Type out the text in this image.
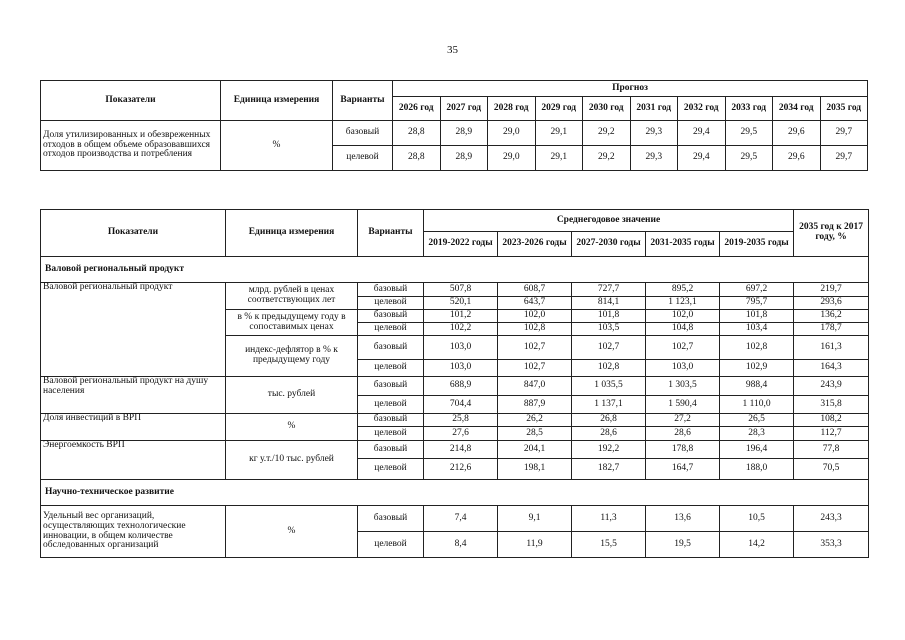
35
Показатели	Единица измерения	Варианты	Прогноз									
			2026 год	2027 год	2028 год	2029 год	2030 год	2031 год	2032 год	2033 год	2034 год	2035 год
Доля утилизированных и обезвреженных отходов в общем объеме образовавшихся отходов производства и потребления	%	базовый	28,8	28,9	29,0	29,1	29,2	29,3	29,4	29,5	29,6	29,7
		целевой	28,8	28,9	29,0	29,1	29,2	29,3	29,4	29,5	29,6	29,7
Показатели	Единица измерения	Варианты	Среднегодовое значение					2035 год к 2017 году, %
			2019-2022 годы	2023-2026 годы	2027-2030 годы	2031-2035 годы	2019-2035 годы	
Валовой региональный продукт								
Валовой региональный продукт	млрд. рублей в ценах соответствующих лет	базовый	507,8	608,7	727,7	895,2	697,2	219,7
		целевой	520,1	643,7	814,1	1 123,1	795,7	293,6
	в % к предыдущему году в сопоставимых ценах	базовый	101,2	102,0	101,8	102,0	101,8	136,2
		целевой	102,2	102,8	103,5	104,8	103,4	178,7
	индекс-дефлятор в % к предыдущему году	базовый	103,0	102,7	102,7	102,7	102,8	161,3
		целевой	103,0	102,7	102,8	103,0	102,9	164,3
Валовой региональный продукт на душу населения	тыс. рублей	базовый	688,9	847,0	1 035,5	1 303,5	988,4	243,9
		целевой	704,4	887,9	1 137,1	1 590,4	1 110,0	315,8
Доля инвестиций в ВРП	%	базовый	25,8	26,2	26,8	27,2	26,5	108,2
		целевой	27,6	28,5	28,6	28,6	28,3	112,7
Энергоемкость ВРП	кг у.т./10 тыс. рублей	базовый	214,8	204,1	192,2	178,8	196,4	77,8
		целевой	212,6	198,1	182,7	164,7	188,0	70,5
Научно-техническое развитие								
Удельный вес организаций, осуществляющих технологические инновации, в общем количестве обследованных организаций	%	базовый	7,4	9,1	11,3	13,6	10,5	243,3
		целевой	8,4	11,9	15,5	19,5	14,2	353,3
